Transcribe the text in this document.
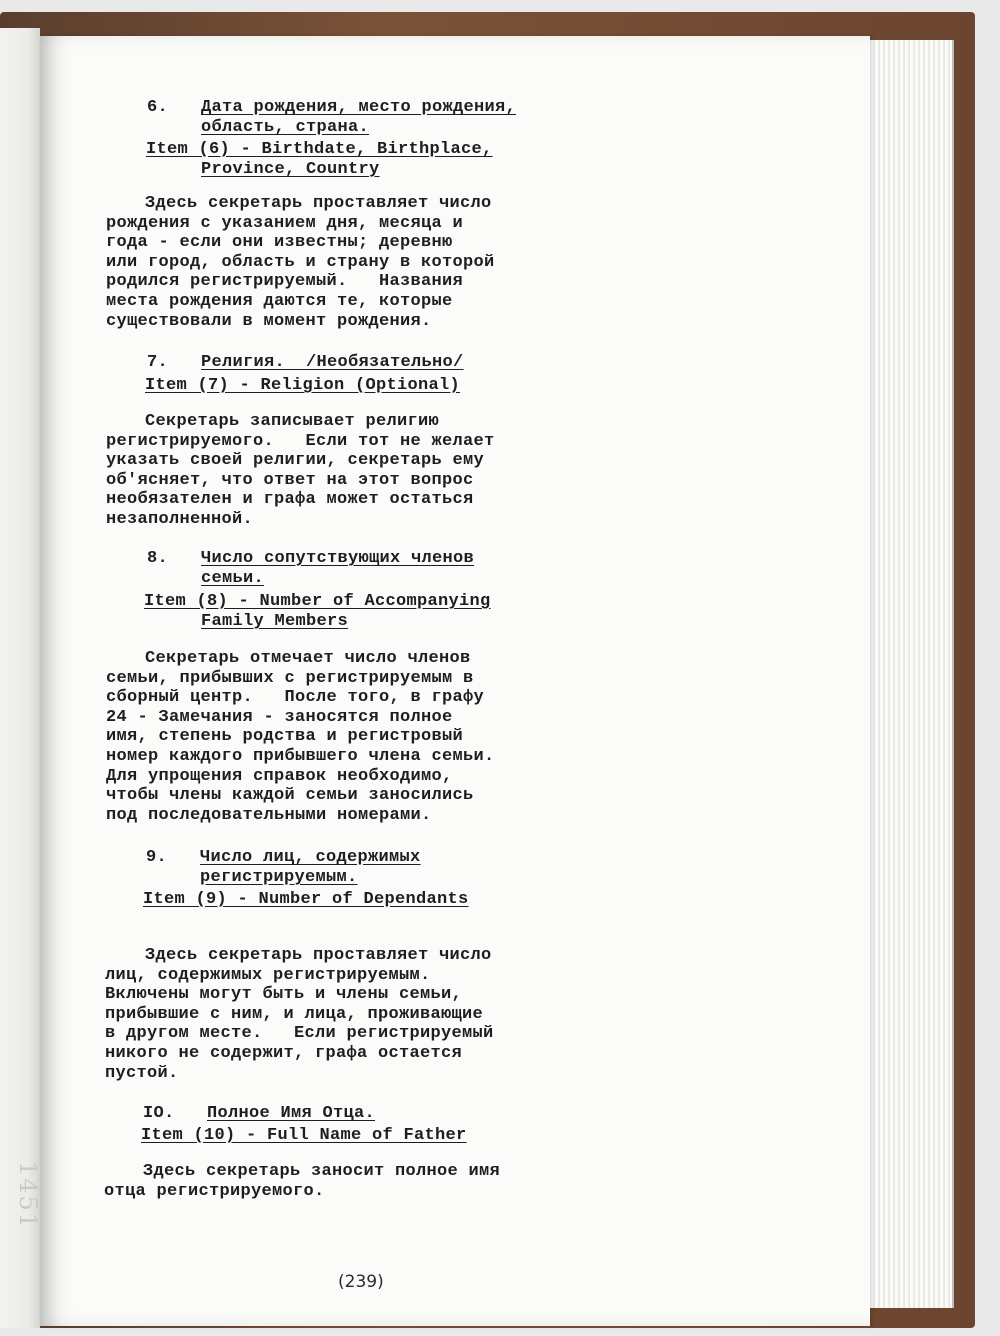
1451
6. Дата рождения, место рождения,
область, страна.
Item (6) - Birthdate, Birthplace,
Province, Country
Здесь секретарь проставляет число
рождения с указанием дня, месяца и
года - если они известны; деревню
или город, область и страну в которой
родился регистрируемый.   Названия
места рождения даются те, которые
существовали в момент рождения.
7. Религия.  /Необязательно/
Item (7) - Religion (Optional)
Секретарь записывает религию
регистрируемого.   Если тот не желает
указать своей религии, секретарь ему
об'ясняет, что ответ на этот вопрос
необязателен и графа может остаться
незаполненной.
8. Число сопутствующих членов
семьи.
Item (8) - Number of Accompanying
Family Members
Секретарь отмечает число членов
семьи, прибывших с регистрируемым в
сборный центр.   После того, в графу
24 - Замечания - заносятся полное
имя, степень родства и регистровый
номер каждого прибывшего члена семьи.
Для упрощения справок необходимо,
чтобы члены каждой семьи заносились
под последовательными номерами.
9. Число лиц, содержимых
регистрируемым.
Item (9) - Number of Dependants
Здесь секретарь проставляет число
лиц, содержимых регистрируемым.
Включены могут быть и члены семьи,
прибывшие с ним, и лица, проживающие
в другом месте.   Если регистрируемый
никого не содержит, графа остается
пустой.
IO. Полное Имя Отца.
Item (10) - Full Name of Father
Здесь секретарь заносит полное имя
отца регистрируемого.
(239)
